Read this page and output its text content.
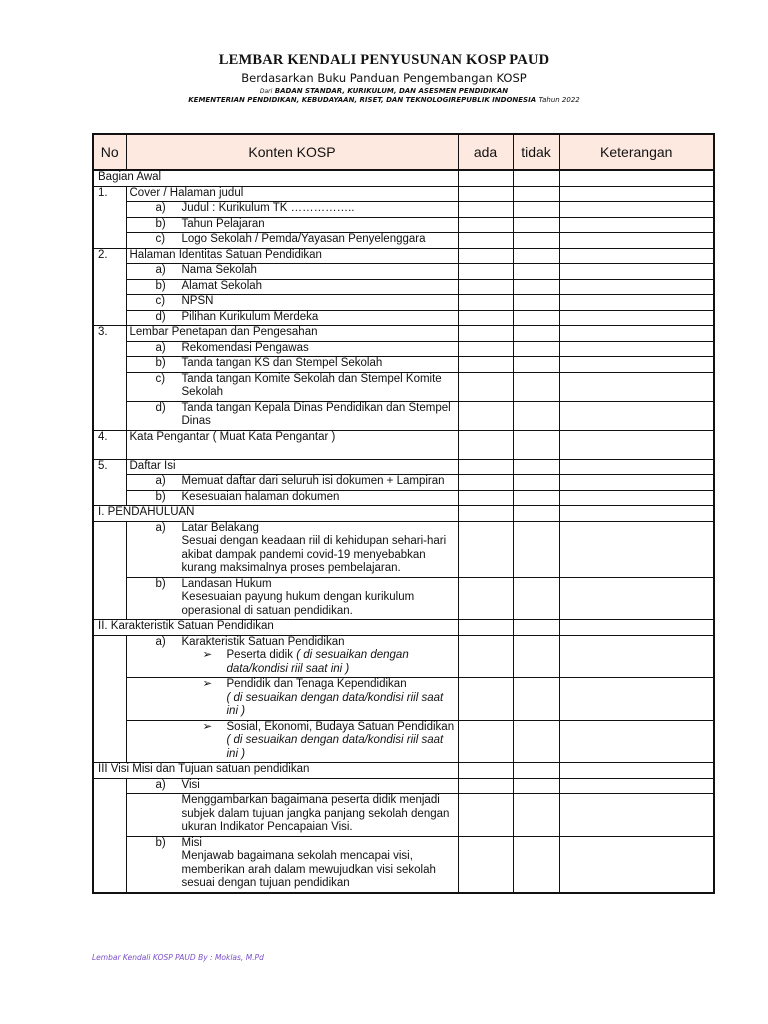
LEMBAR KENDALI PENYUSUNAN KOSP PAUD
Berdasarkan Buku Panduan Pengembangan KOSP
Dari BADAN STANDAR, KURIKULUM, DAN ASESMEN PENDIDIKAN
KEMENTERIAN PENDIDIKAN, KEBUDAYAAN, RISET, DAN TEKNOLOGIREPUBLIK INDONESIA Tahun 2022
No	Konten KOSP	ada	tidak	Keterangan
Bagian Awal				
1.	Cover / Halaman judul			

	a) Judul : Kurikulum TK ……………..			

	b) Tahun Pelajaran			

	c) Logo Sekolah / Pemda/Yayasan Penyelenggara			

2.	Halaman Identitas Satuan Pendidikan			

	a) Nama Sekolah			

	b) Alamat Sekolah			

	c) NPSN			

	d) Pilihan Kurikulum Merdeka			

3.	Lembar Penetapan dan Pengesahan			

	a) Rekomendasi Pengawas			

	b) Tanda tangan KS dan Stempel Sekolah			

	c) Tanda tangan Komite Sekolah dan Stempel Komite Sekolah			

	d) Tanda tangan Kepala Dinas Pendidikan dan Stempel Dinas			

4.	Kata Pengantar ( Muat Kata Pengantar )			
5.	Daftar Isi			

	a) Memuat daftar dari seluruh isi dokumen + Lampiran			

	b) Kesesuaian halaman dokumen			

I. PENDAHULUAN				

	a) Latar Belakang
Sesuai dengan keadaan riil di kehidupan sehari-hari akibat dampak pandemi covid-19 menyebabkan kurang maksimalnya proses pembelajaran.			

	b) Landasan Hukum
Kesesuaian payung hukum dengan kurikulum operasional di satuan pendidikan.			

II. Karakteristik Satuan Pendidikan				

	a) Karakteristik Satuan Pendidikan
➢ Peserta didik ( di sesuaikan dengan data/kondisi riil saat ini )			

	➢ Pendidik dan Tenaga Kependidikan
( di sesuaikan dengan data/kondisi riil saat ini )			

	➢ Sosial, Ekonomi, Budaya Satuan Pendidikan ( di sesuaikan dengan data/kondisi riil saat ini )			

III Visi Misi dan Tujuan satuan pendidikan				

	a) Visi			

	Menggambarkan bagaimana peserta didik menjadi subjek dalam tujuan jangka panjang sekolah dengan ukuran Indikator Pencapaian Visi.			

	b) Misi
Menjawab bagaimana sekolah mencapai visi, memberikan arah dalam mewujudkan visi sekolah sesuai dengan tujuan pendidikan			

Lembar Kendali KOSP PAUD By : Moklas, M.Pd
